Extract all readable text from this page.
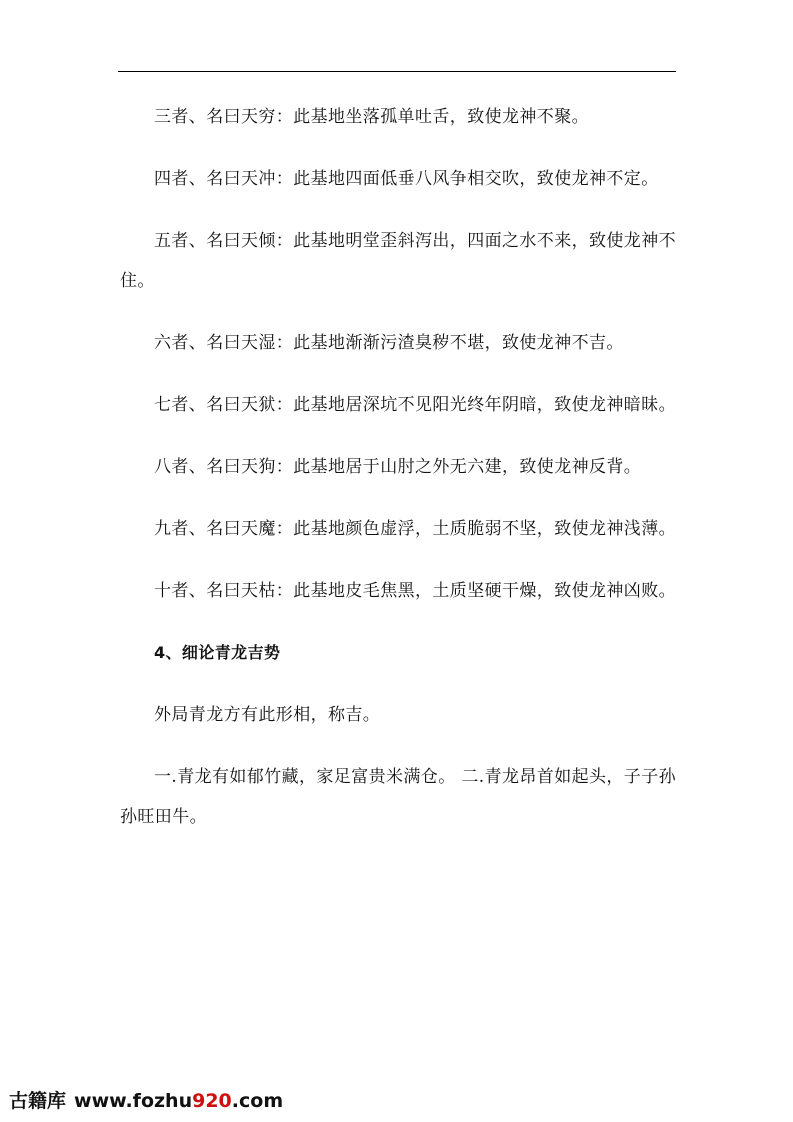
三者、名曰天穷：此基地坐落孤单吐舌，致使龙神不聚。

四者、名曰天冲：此基地四面低垂八风争相交吹，致使龙神不定。

五者、名曰天倾：此基地明堂歪斜泻出，四面之水不来，致使龙神不住。

六者、名曰天湿：此基地渐渐污渣臭秽不堪，致使龙神不吉。

七者、名曰天狱：此基地居深坑不见阳光终年阴暗，致使龙神暗昧。

八者、名曰天狗：此基地居于山肘之外无六建，致使龙神反背。

九者、名曰天魔：此基地颜色虚浮，土质脆弱不坚，致使龙神浅薄。

十者、名曰天枯：此基地皮毛焦黑，土质坚硬干燥，致使龙神凶败。

4、细论青龙吉势

外局青龙方有此形相，称吉。

一.青龙有如郁竹藏，家足富贵米满仓。 二.青龙昂首如起头，子子孙孙旺田牛。

古籍库 www.fozhu920.com
